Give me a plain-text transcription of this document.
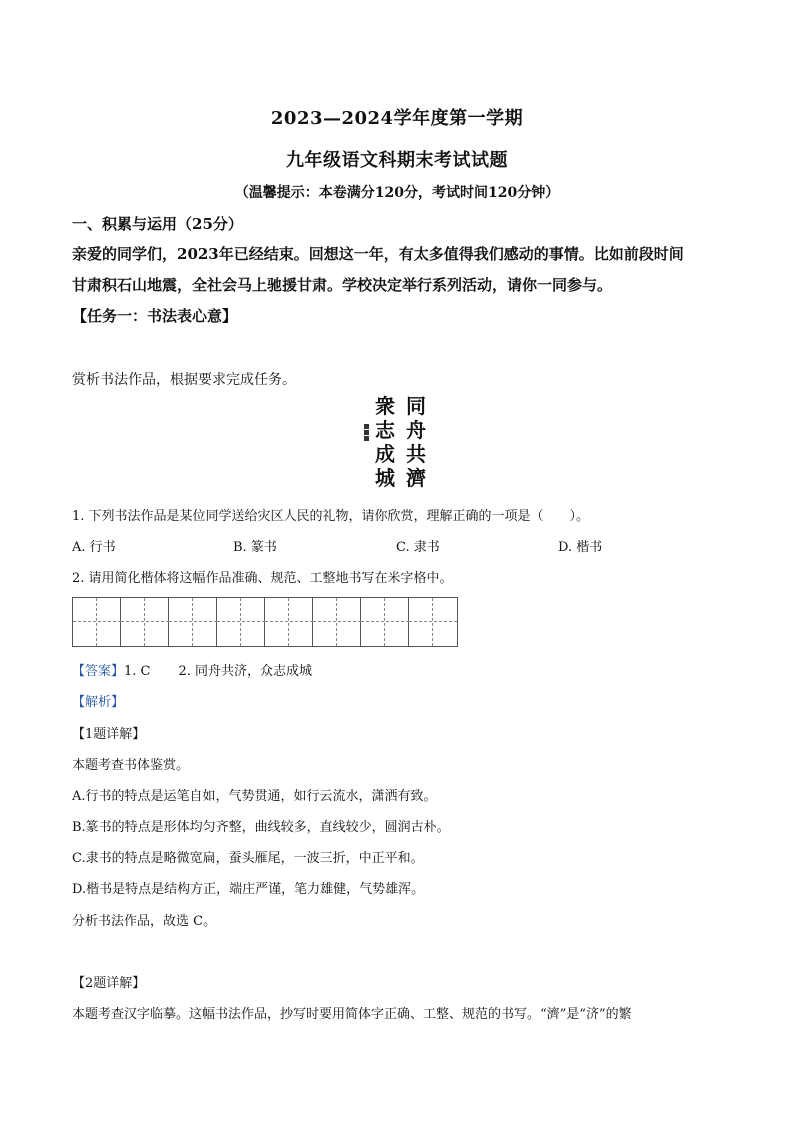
2023—2024学年度第一学期
九年级语文科期末考试试题
（温馨提示：本卷满分120分，考试时间120分钟）
一、积累与运用（25分）
亲爱的同学们，2023年已经结束。回想这一年，有太多值得我们感动的事情。比如前段时间
甘肃积石山地震，全社会马上驰援甘肃。学校决定举行系列活动，请你一同参与。
【任务一：书法表心意】
赏析书法作品，根据要求完成任务。
同
舟
共
濟
衆
志
成
城
1. 下列书法作品是某位同学送给灾区人民的礼物，请你欣赏，理解正确的一项是（　　）。
A. 行书	B. 篆书	C. 隶书	D. 楷书
2. 请用简化楷体将这幅作品准确、规范、工整地书写在米字格中。
【答案】1. C 2. 同舟共济，众志成城
【解析】
【1题详解】
本题考查书体鉴赏。
A.行书的特点是运笔自如，气势贯通，如行云流水，潇洒有致。
B.篆书的特点是形体均匀齐整，曲线较多，直线较少，圆润古朴。
C.隶书的特点是略微宽扁，蚕头雁尾，一波三折，中正平和。
D.楷书是特点是结构方正，端庄严谨，笔力雄健，气势雄浑。
分析书法作品，故选 C。
【2题详解】
本题考查汉字临摹。这幅书法作品，抄写时要用简体字正确、工整、规范的书写。“濟”是“济”的繁
